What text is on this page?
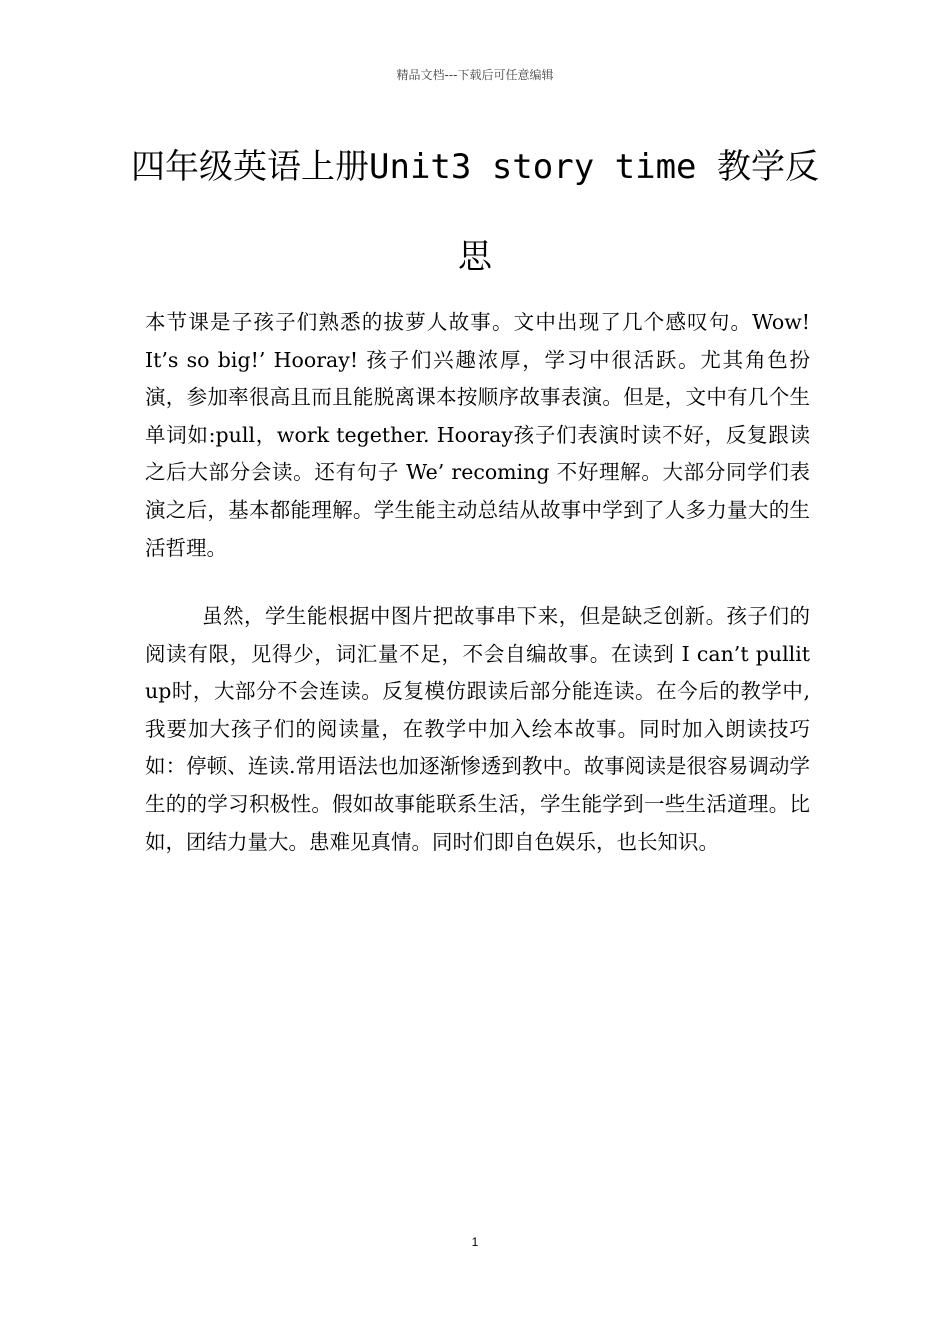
精品文档---下载后可任意编辑
四年级英语上册Unit3 story time 教学反思

本节课是子孩子们熟悉的拔萝人故事。文中出现了几个感叹句。Wow! It’s so big!’ Hooray! 孩子们兴趣浓厚，学习中很活跃。尤其角色扮演，参加率很高且而且能脱离课本按顺序故事表演。但是，文中有几个生单词如:pull，work tegether. Hooray孩子们表演时读不好，反复跟读之后大部分会读。还有句子 We’ recoming 不好理解。大部分同学们表演之后，基本都能理解。学生能主动总结从故事中学到了人多力量大的生活哲理。

虽然，学生能根据中图片把故事串下来，但是缺乏创新。孩子们的阅读有限，见得少，词汇量不足，不会自编故事。在读到 I can’t pullit up时，大部分不会连读。反复模仿跟读后部分能连读。在今后的教学中,我要加大孩子们的阅读量，在教学中加入绘本故事。同时加入朗读技巧如：停顿、连读.常用语法也加逐渐惨透到教中。故事阅读是很容易调动学生的的学习积极性。假如故事能联系生活，学生能学到一些生活道理。比如，团结力量大。患难见真情。同时们即自色娱乐，也长知识。

1
